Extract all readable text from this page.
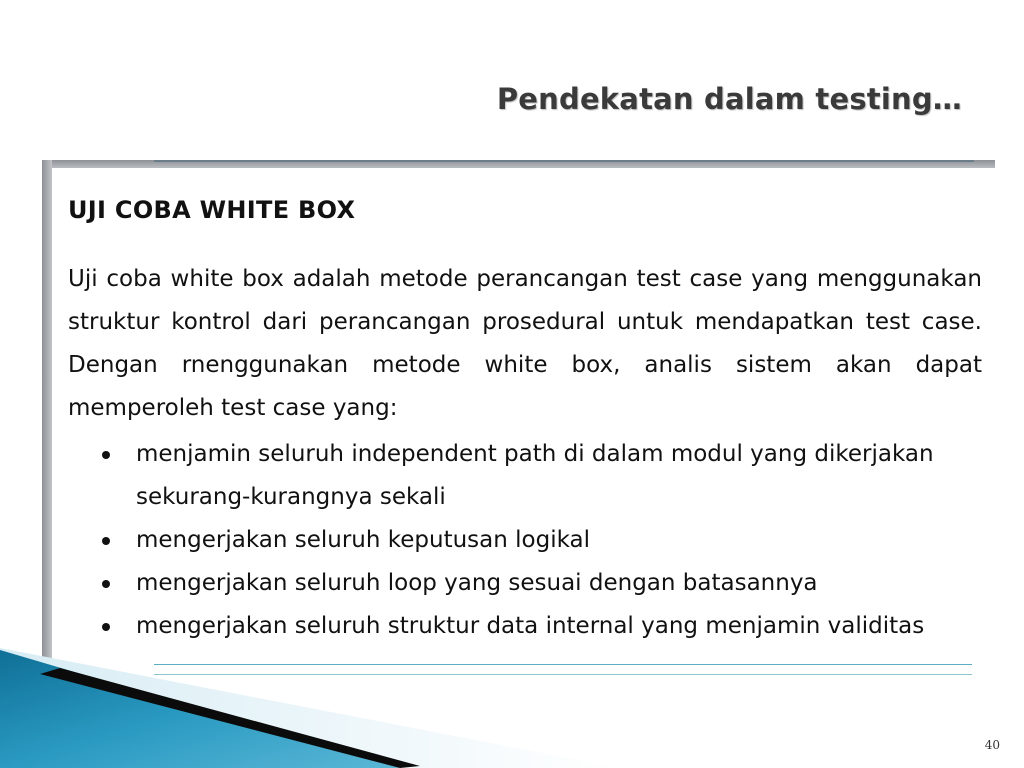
Pendekatan dalam testing…
UJI COBA WHITE BOX

Uji coba white box adalah metode perancangan test case yang menggunakan struktur kontrol dari perancangan prosedural untuk mendapatkan test case. Dengan rnenggunakan metode white box, analis sistem akan dapat memperoleh test case yang:

menjamin seluruh independent path di dalam modul yang dikerjakan sekurang-kurangnya sekali
mengerjakan seluruh keputusan logikal
mengerjakan seluruh loop yang sesuai dengan batasannya
mengerjakan seluruh struktur data internal yang menjamin validitas
40
